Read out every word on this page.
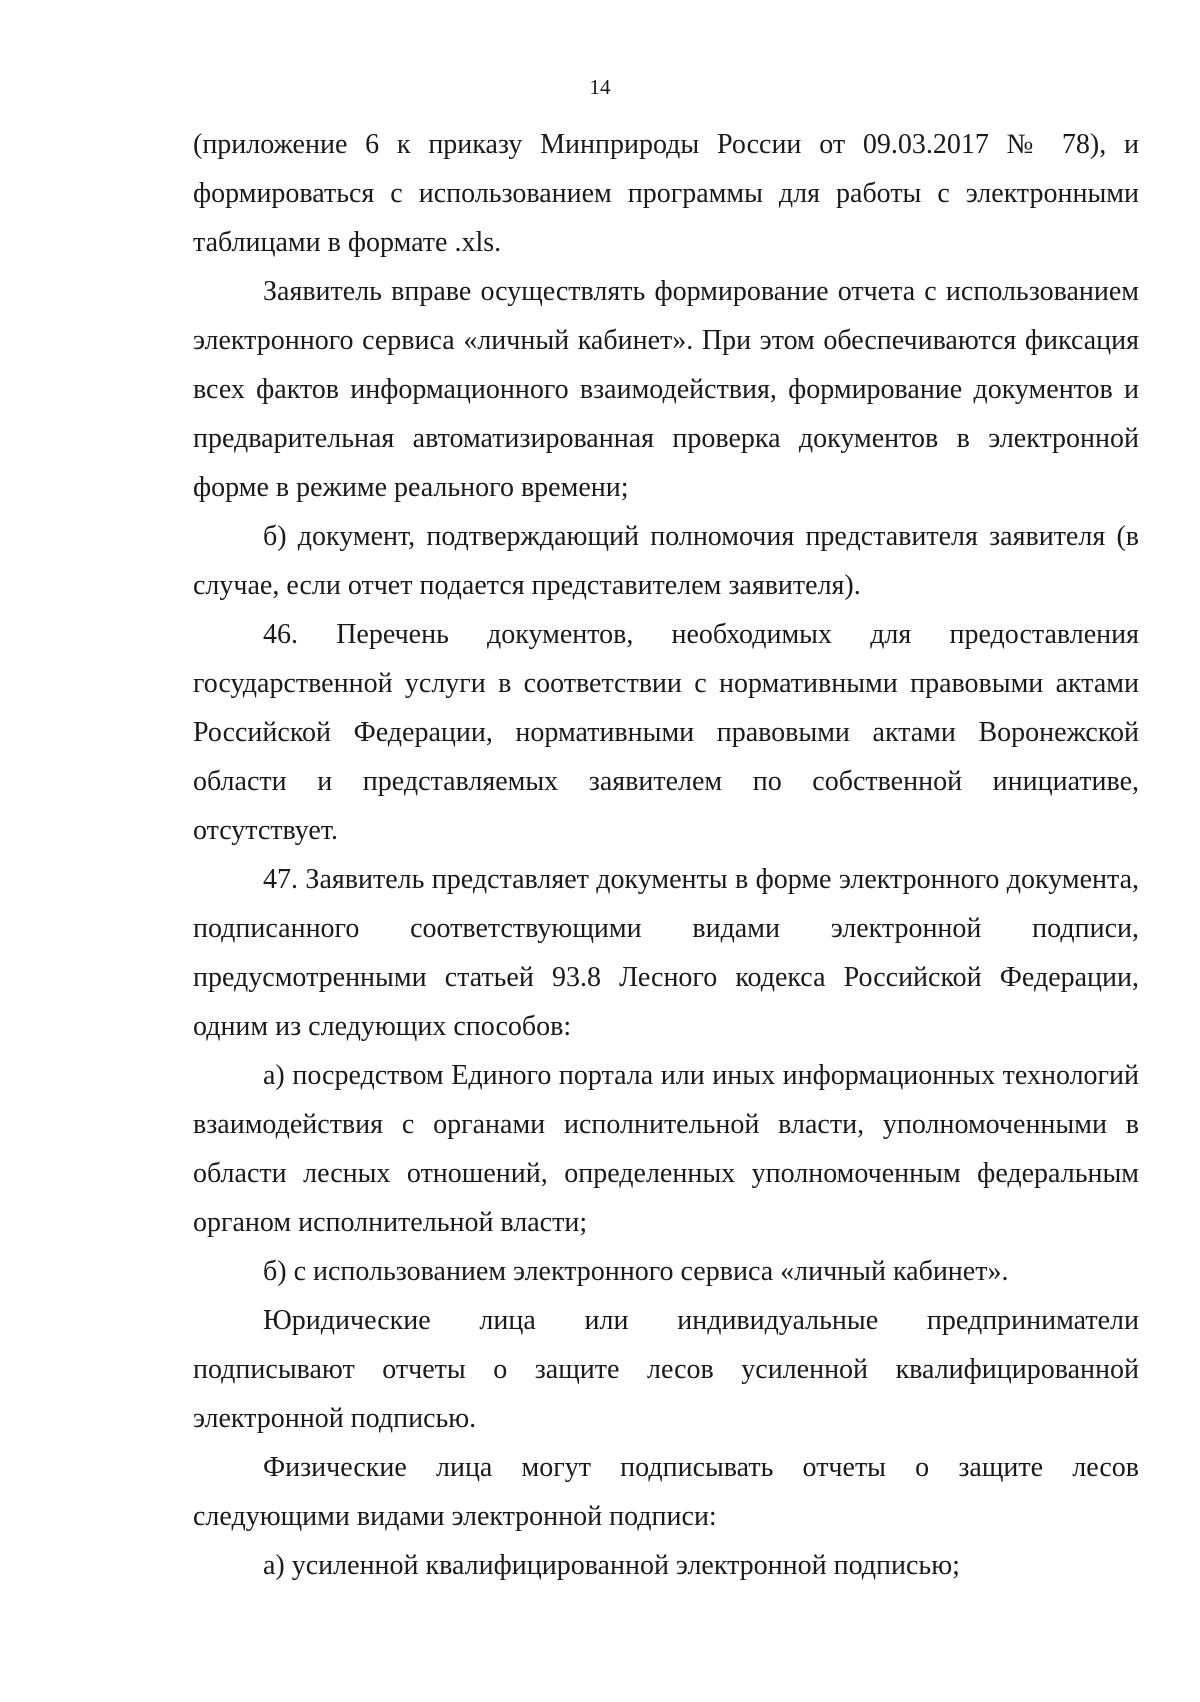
14

(приложение 6 к приказу Минприроды России от 09.03.2017 № 78), и формироваться с использованием программы для работы с электронными таблицами в формате .xls.

Заявитель вправе осуществлять формирование отчета с использованием электронного сервиса «личный кабинет». При этом обеспечиваются фиксация всех фактов информационного взаимодействия, формирование документов и предварительная автоматизированная проверка документов в электронной форме в режиме реального времени;

б) документ, подтверждающий полномочия представителя заявителя (в случае, если отчет подается представителем заявителя).

46. Перечень документов, необходимых для предоставления государственной услуги в соответствии с нормативными правовыми актами Российской Федерации, нормативными правовыми актами Воронежской области и представляемых заявителем по собственной инициативе, отсутствует.

47. Заявитель представляет документы в форме электронного документа, подписанного соответствующими видами электронной подписи, предусмотренными статьей 93.8 Лесного кодекса Российской Федерации, одним из следующих способов:

а) посредством Единого портала или иных информационных технологий взаимодействия с органами исполнительной власти, уполномоченными в области лесных отношений, определенных уполномоченным федеральным органом исполнительной власти;

б) с использованием электронного сервиса «личный кабинет».

Юридические лица или индивидуальные предприниматели подписывают отчеты о защите лесов усиленной квалифицированной электронной подписью.

Физические лица могут подписывать отчеты о защите лесов следующими видами электронной подписи:

а) усиленной квалифицированной электронной подписью;
